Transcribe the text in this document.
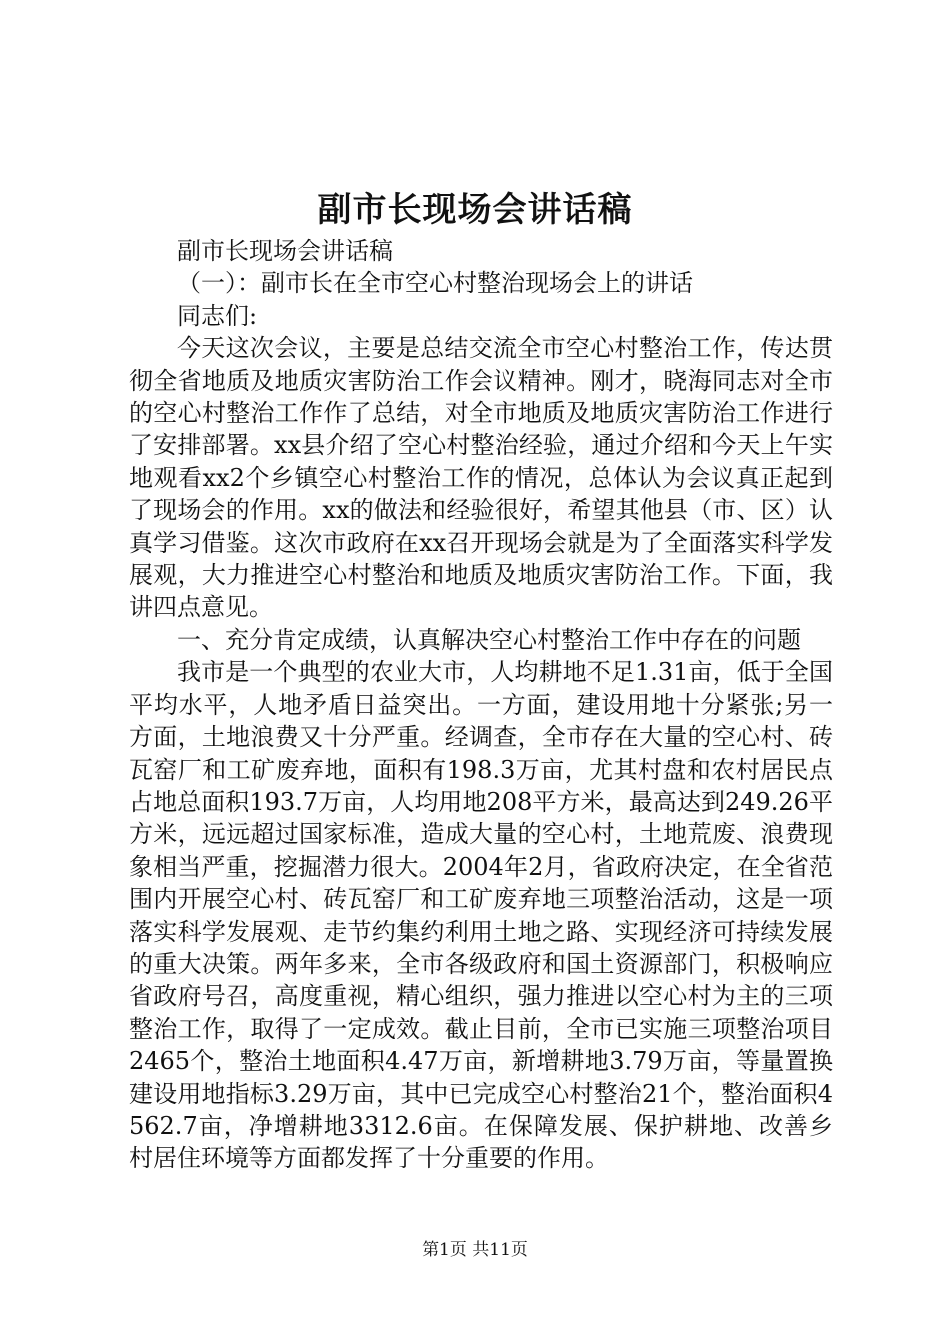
副市长现场会讲话稿

副市长现场会讲话稿

（一）：副市长在全市空心村整治现场会上的讲话

同志们:

今天这次会议，主要是总结交流全市空心村整治工作，传达贯彻全省地质及地质灾害防治工作会议精神。刚才，晓海同志对全市的空心村整治工作作了总结，对全市地质及地质灾害防治工作进行了安排部署。xx县介绍了空心村整治经验，通过介绍和今天上午实地观看xx2个乡镇空心村整治工作的情况，总体认为会议真正起到了现场会的作用。xx的做法和经验很好，希望其他县（市、区）认真学习借鉴。这次市政府在xx召开现场会就是为了全面落实科学发展观，大力推进空心村整治和地质及地质灾害防治工作。下面，我讲四点意见。

一、充分肯定成绩，认真解决空心村整治工作中存在的问题

我市是一个典型的农业大市，人均耕地不足1.31亩，低于全国平均水平，人地矛盾日益突出。一方面，建设用地十分紧张;另一方面，土地浪费又十分严重。经调查，全市存在大量的空心村、砖瓦窑厂和工矿废弃地，面积有198.3万亩，尤其村盘和农村居民点占地总面积193.7万亩，人均用地208平方米，最高达到249.26平方米，远远超过国家标准，造成大量的空心村，土地荒废、浪费现象相当严重，挖掘潜力很大。2004年2月，省政府决定，在全省范围内开展空心村、砖瓦窑厂和工矿废弃地三项整治活动，这是一项落实科学发展观、走节约集约利用土地之路、实现经济可持续发展的重大决策。两年多来，全市各级政府和国土资源部门，积极响应省政府号召，高度重视，精心组织，强力推进以空心村为主的三项整治工作，取得了一定成效。截止目前，全市已实施三项整治项目2465个，整治土地面积4.47万亩，新增耕地3.79万亩，等量置换建设用地指标3.29万亩，其中已完成空心村整治21个，整治面积4562.7亩，净增耕地3312.6亩。在保障发展、保护耕地、改善乡村居住环境等方面都发挥了十分重要的作用。

第1页 共11页
